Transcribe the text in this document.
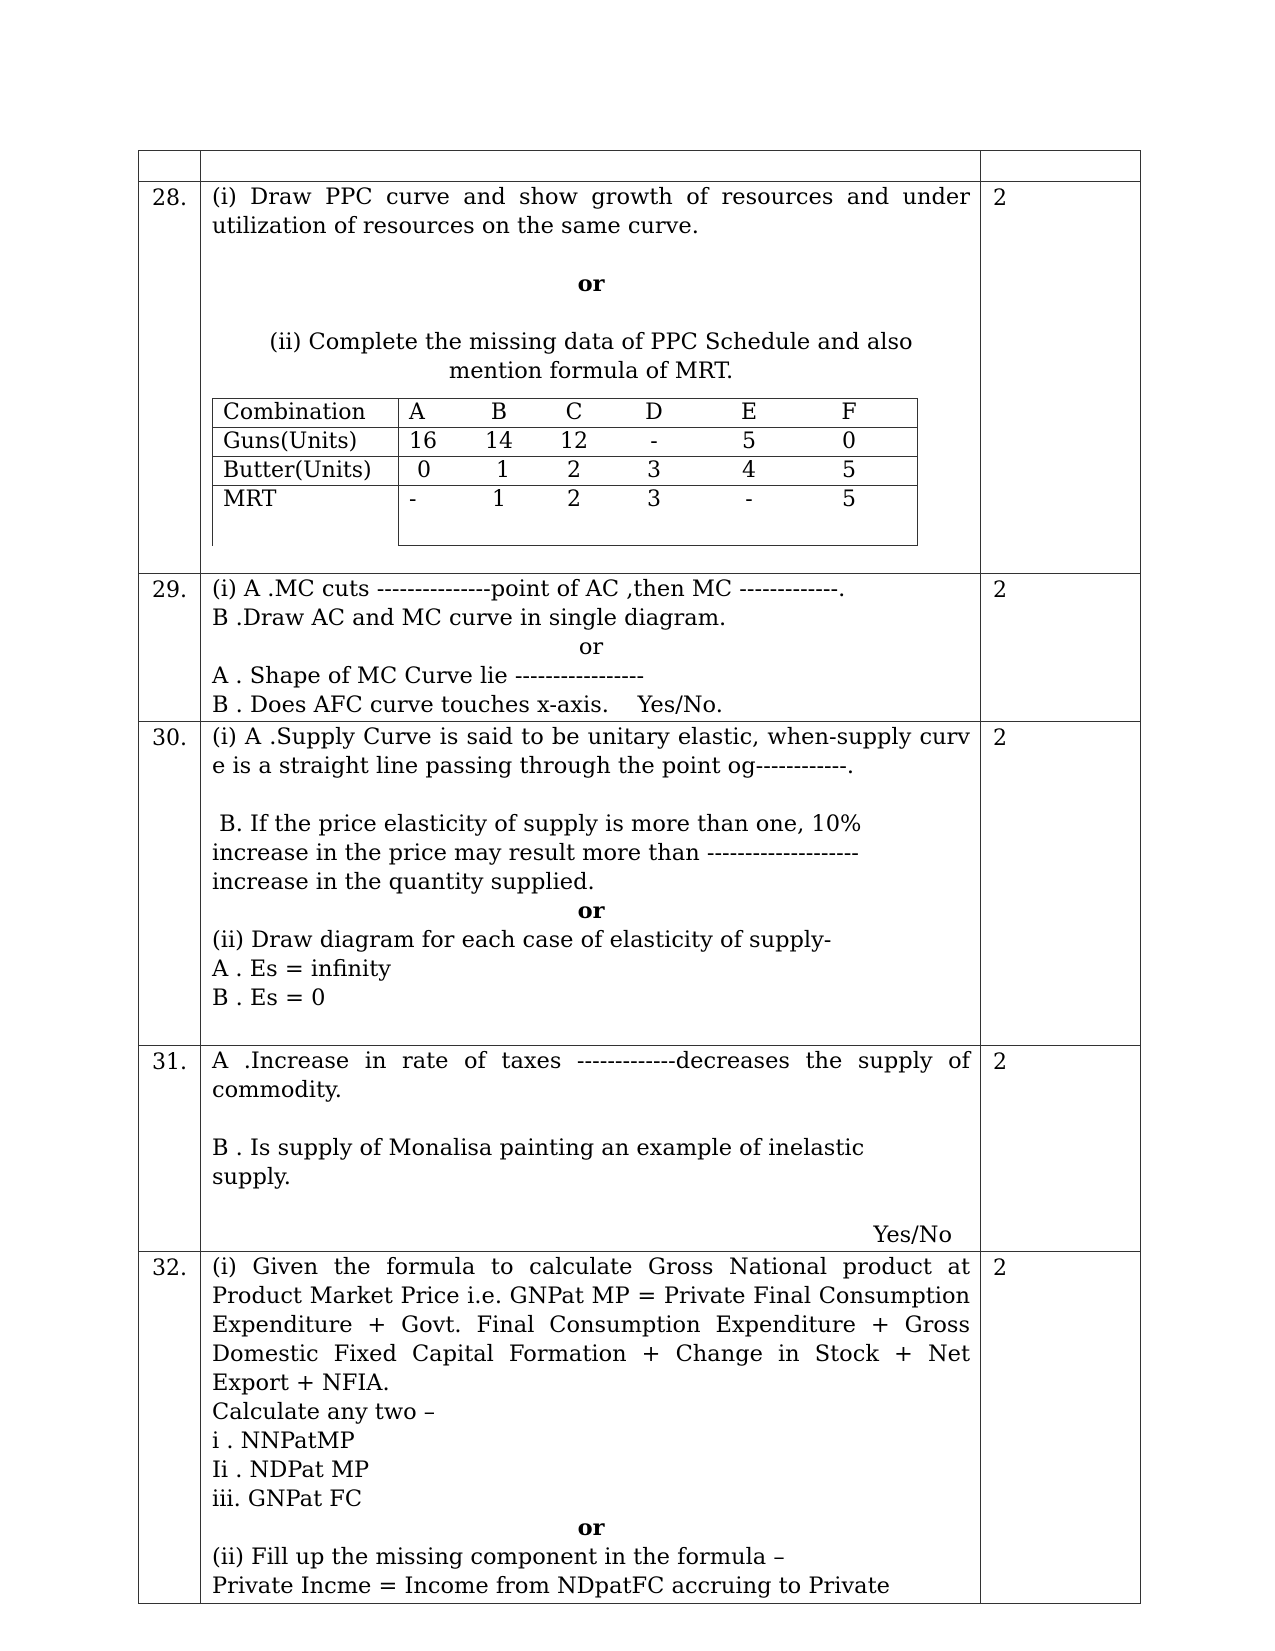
28.	(i) Draw PPC curve and show growth of resources and under utilization of resources on the same curve.
or
(ii) Complete the missing data of PPC Schedule and also mention formula of MRT.
Combination	A	B	C	D	E	F

Guns(Units)	16	14	12	-	5	0

Butter(Units)	0	1	2	3	4	5

MRT	-	1	2	3	-	5
	2
29.	(i) A .MC cuts ---------------point of AC ,then MC -------------.
B .Draw AC and MC curve in single diagram.
or
A . Shape of MC Curve lie -----------------
B . Does AFC curve touches x-axis.    Yes/No.
	2
30.	(i) A .Supply Curve is said to be unitary elastic, when-supply curve is a straight line passing through the point og------------.
B. If the price elasticity of supply is more than one, 10% increase in the price may result more than -------------------- increase in the quantity supplied.
or
(ii) Draw diagram for each case of elasticity of supply-
A . Es = infinity
B . Es = 0
	2
31.	A .Increase in rate of taxes -------------decreases the supply of commodity.
B . Is supply of Monalisa painting an example of inelastic supply.
Yes/No
	2
32.	(i) Given the formula to calculate Gross National product at Product Market Price i.e. GNPat MP = Private Final Consumption Expenditure + Govt. Final Consumption Expenditure + Gross Domestic Fixed Capital Formation + Change in Stock + Net Export + NFIA.
Calculate any two –
i . NNPatMP
Ii . NDPat MP
iii. GNPat FC
or
(ii) Fill up the missing component in the formula –
Private Incme = Income from NDpatFC accruing to Private
	2
